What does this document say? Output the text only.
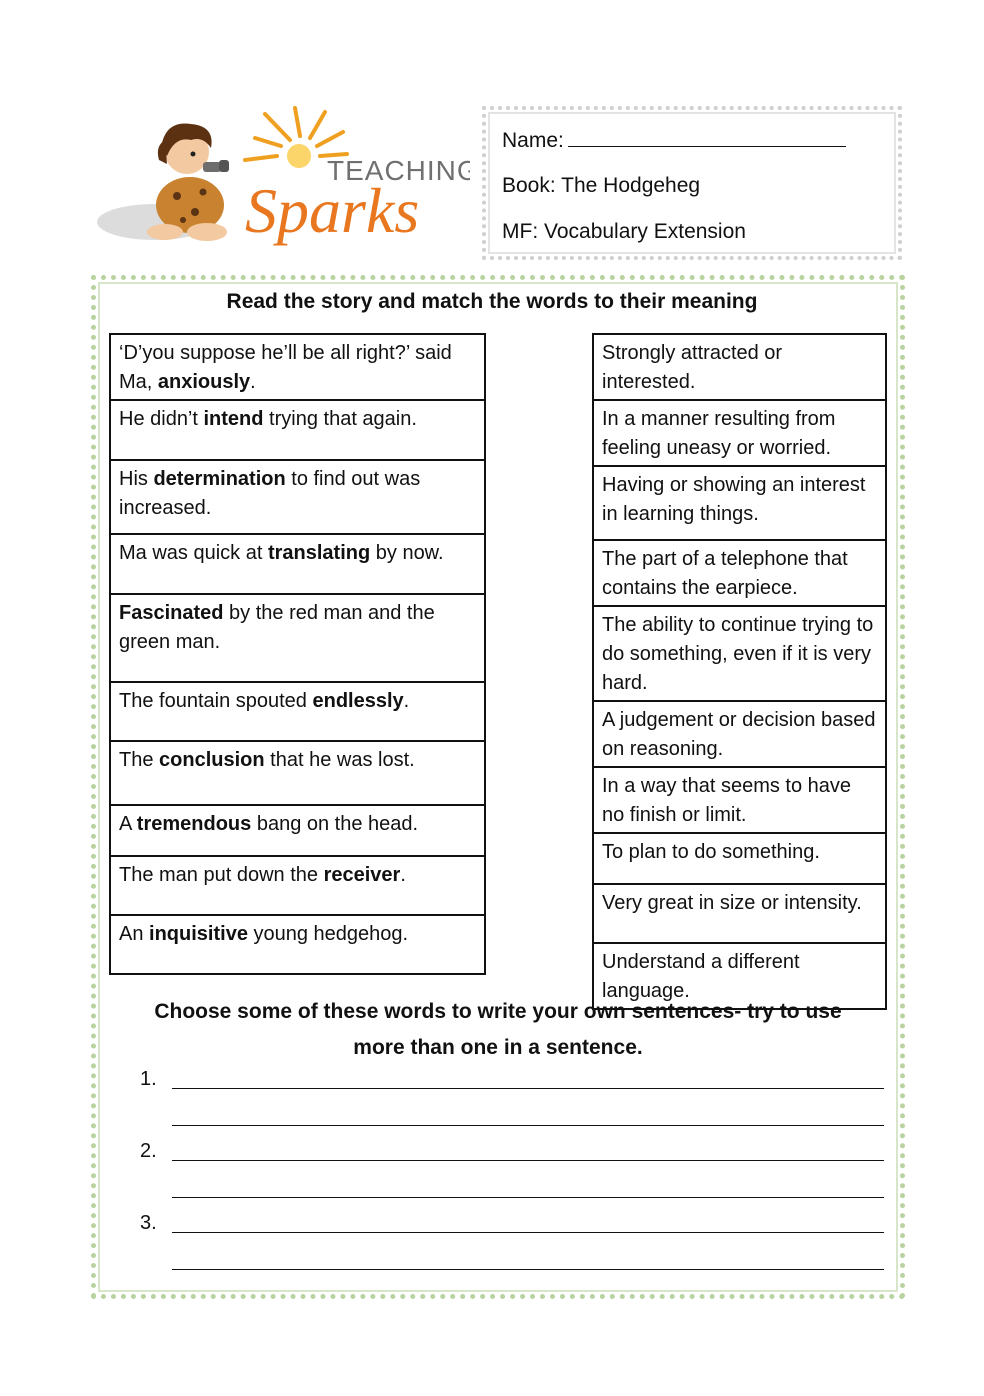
TEACHING
Sparks
Name:
Book: The Hodgeheg
MF: Vocabulary Extension
Read the story and match the words to their meaning
‘D’you suppose he’ll be all right?’ said Ma, anxiously.
He didn’t intend trying that again.
His determination to find out was increased.
Ma was quick at translating by now.
Fascinated by the red man and the green man.
The fountain spouted endlessly.
The conclusion that he was lost.
A tremendous bang on the head.
The man put down the receiver.
An inquisitive young hedgehog.
Strongly attracted or interested.
In a manner resulting from feeling uneasy or worried.
Having or showing an interest in learning things.
The part of a telephone that contains the earpiece.
The ability to continue trying to do something, even if it is very hard.
A judgement or decision based on reasoning.
In a way that seems to have no finish or limit.
To plan to do something.
Very great in size or intensity.
Understand a different language.
Choose some of these words to write your own sentences- try to use
more than one in a sentence.
1.
2.
3.
